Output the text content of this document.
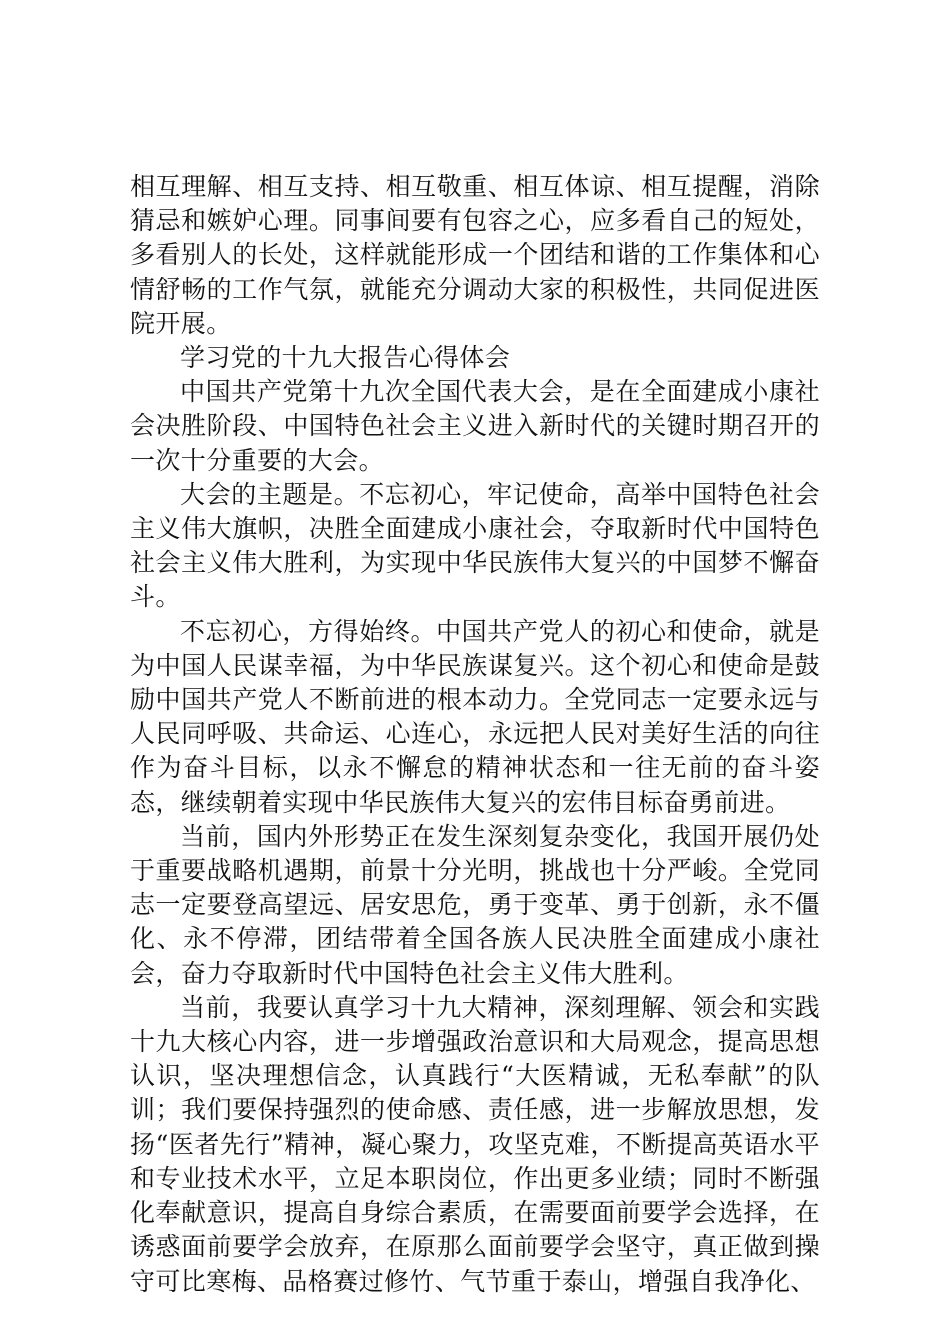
相互理解、相互支持、相互敬重、相互体谅、相互提醒，消除猜忌和嫉妒心理。同事间要有包容之心，应多看自己的短处，多看别人的长处，这样就能形成一个团结和谐的工作集体和心情舒畅的工作气氛，就能充分调动大家的积极性，共同促进医院开展。

学习党的十九大报告心得体会

中国共产党第十九次全国代表大会，是在全面建成小康社会决胜阶段、中国特色社会主义进入新时代的关键时期召开的一次十分重要的大会。

大会的主题是。不忘初心，牢记使命，高举中国特色社会主义伟大旗帜，决胜全面建成小康社会，夺取新时代中国特色社会主义伟大胜利，为实现中华民族伟大复兴的中国梦不懈奋斗。

不忘初心，方得始终。中国共产党人的初心和使命，就是为中国人民谋幸福，为中华民族谋复兴。这个初心和使命是鼓励中国共产党人不断前进的根本动力。全党同志一定要永远与人民同呼吸、共命运、心连心，永远把人民对美好生活的向往作为奋斗目标，以永不懈怠的精神状态和一往无前的奋斗姿态，继续朝着实现中华民族伟大复兴的宏伟目标奋勇前进。

当前，国内外形势正在发生深刻复杂变化，我国开展仍处于重要战略机遇期，前景十分光明，挑战也十分严峻。全党同志一定要登高望远、居安思危，勇于变革、勇于创新，永不僵化、永不停滞，团结带着全国各族人民决胜全面建成小康社会，奋力夺取新时代中国特色社会主义伟大胜利。

当前，我要认真学习十九大精神，深刻理解、领会和实践十九大核心内容，进一步增强政治意识和大局观念，提高思想认识，坚决理想信念，认真践行“大医精诚，无私奉献”的队训；我们要保持强烈的使命感、责任感，进一步解放思想，发扬“医者先行”精神，凝心聚力，攻坚克难，不断提高英语水平和专业技术水平，立足本职岗位，作出更多业绩；同时不断强化奉献意识，提高自身综合素质，在需要面前要学会选择，在诱惑面前要学会放弃，在原那么面前要学会坚守，真正做到操守可比寒梅、品格赛过修竹、气节重于泰山，增强自我净化、
